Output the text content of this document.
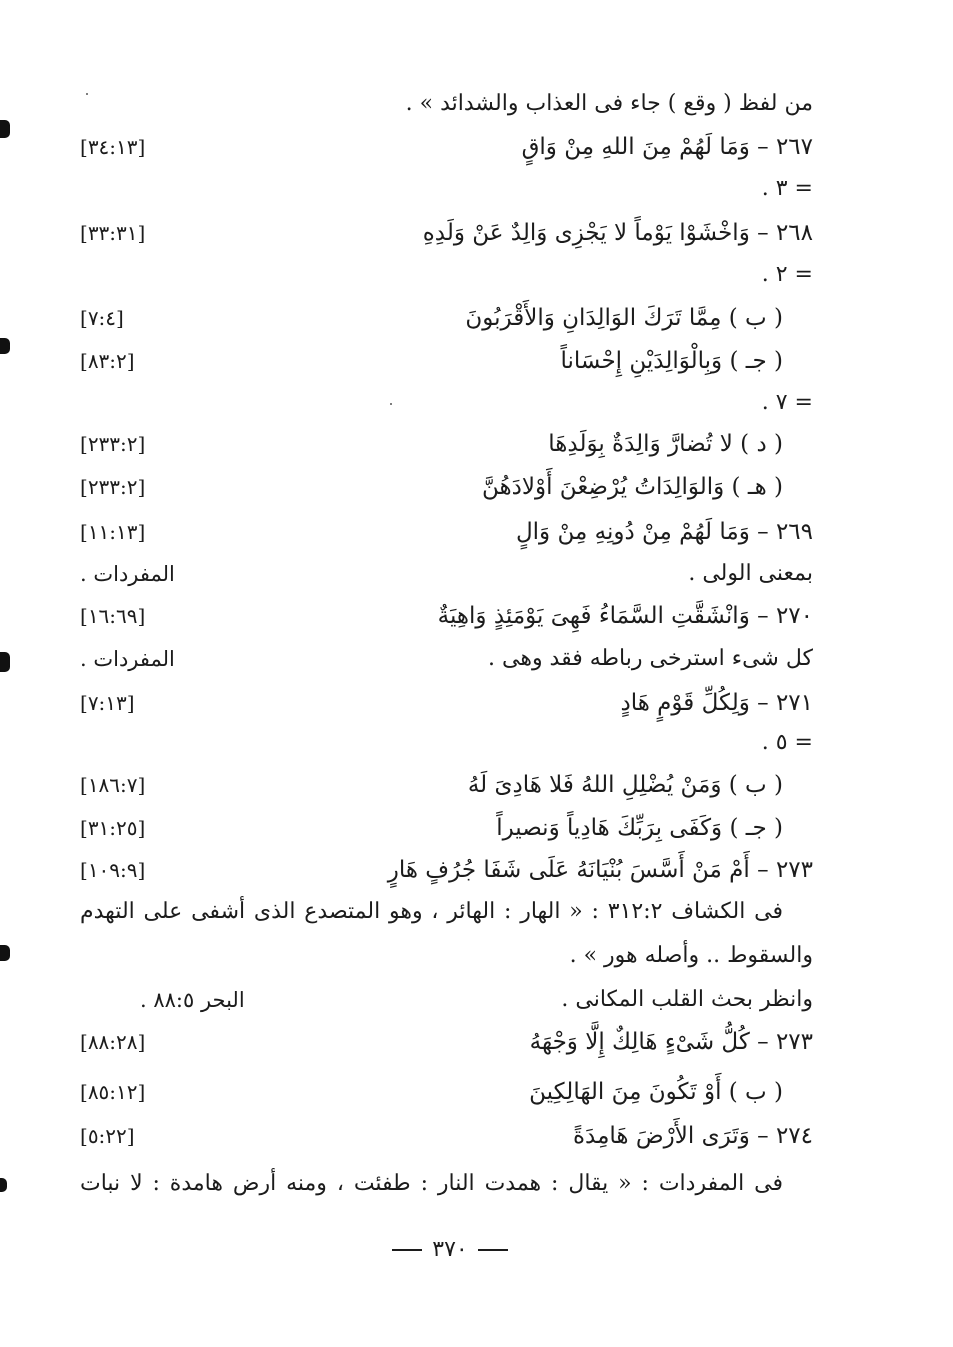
من لفظ ( وقع ) جاء فى العذاب والشدائد » .
٢٦٧ – وَمَا لَهُمْ مِنَ اللهِ مِنْ وَاقٍ
[٣٤:١٣]
= ٣ .
٢٦٨ – وَاخْشَوْا يَوْماً لا يَجْزِى وَالِدٌ عَنْ وَلَدِهِ
[٣٣:٣١]
= ٢ .
( ب ) مِمَّا تَرَكَ الوَالِدَانِ وَالأَقْرَبُونَ
[٧:٤]
( جـ ) وَبِالْوَالِدَيْنِ إِحْسَاناً
[٨٣:٢]
= ٧ .
( د ) لا تُضارَّ وَالِدَةٌ بِوَلَدِهَا
[٢٣٣:٢]
( هـ ) وَالوَالِدَاتُ يُرْضِعْنَ أَوْلادَهُنَّ
[٢٣٣:٢]
٢٦٩ – وَمَا لَهُمْ مِنْ دُونِهِ مِنْ وَالٍ
[١١:١٣]
بمعنى الولى .
المفردات .
٢٧٠ – وَانْشَقَّتِ السَّمَاءُ فَهِىَ يَوْمَئِذٍ وَاهِيَةٌ
[١٦:٦٩]
كل شىء استرخى رباطه فقد وهى .
المفردات .
٢٧١ – وَلِكُلِّ قَوْمٍ هَادٍ
[٧:١٣]
= ٥ .
( ب ) وَمَنْ يُضْلِلِ اللهُ فَلا هَادِىَ لَهُ
[١٨٦:٧]
( جـ ) وَكَفَى بِرَبِّكَ هَادِياً وَنصيراً
[٣١:٢٥]
٢٧٣ – أَمْ مَنْ أَسَّسَ بُنْيَانَهُ عَلَى شَفَا جُرُفٍ هَارٍ
[١٠٩:٩]
فى الكشاف ٣١٢:٢ : « الهار : الهائر ، وهو المتصدع الذى أشفى على التهدم
والسقوط .. وأصله هور » .
وانظر بحث القلب المكانى .
البحر ٨٨:٥ .
٢٧٣ – كُلُّ شَىْءٍ هَالِكٌ إِلَّا وَجْهَهُ
[٨٨:٢٨]
( ب ) أَوْ تَكُونَ مِنَ الهَالِكِينَ
[٨٥:١٢]
٢٧٤ – وَتَرَى الأَرْضَ هَامِدَةً
[٥:٢٢]
فى المفردات : « يقال : همدت النار : طفئت ، ومنه أرض هامدة : لا نبات
٣٧٠
